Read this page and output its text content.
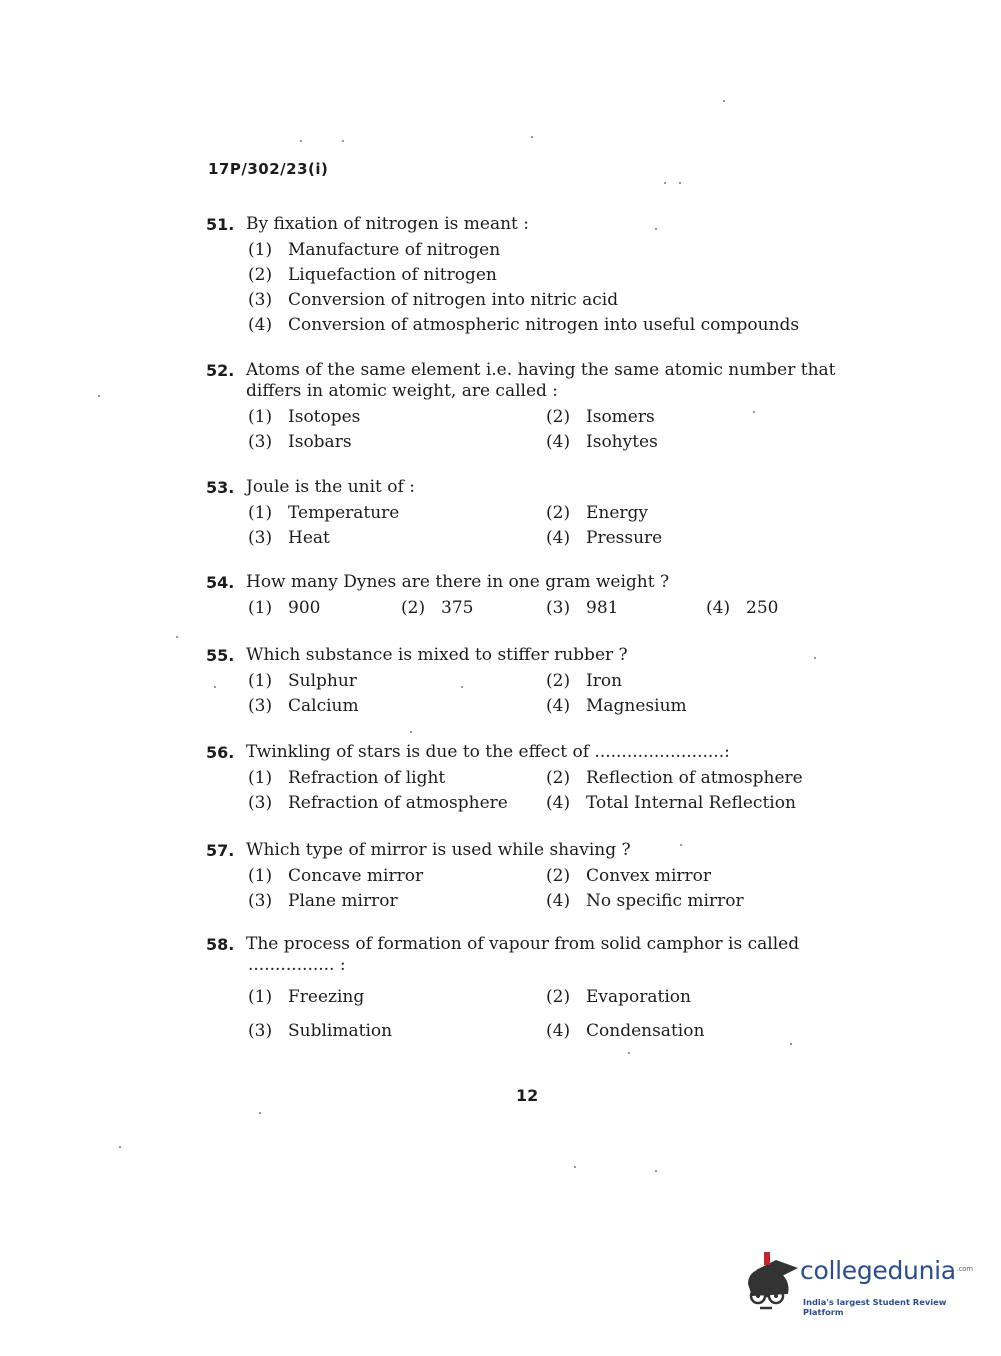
17P/302/23(i)
51. By fixation of nitrogen is meant :
(1) Manufacture of nitrogen
(2) Liquefaction of nitrogen
(3) Conversion of nitrogen into nitric acid
(4) Conversion of atmospheric nitrogen into useful compounds
52. Atoms of the same element i.e. having the same atomic number that differs in atomic weight, are called :
(1) Isotopes	(2) Isomers
(3) Isobars	(4) Isohytes
53. Joule is the unit of :
(1) Temperature	(2) Energy
(3) Heat	(4) Pressure
54. How many Dynes are there in one gram weight ?
(1) 900	(2) 375	(3) 981	(4) 250
55. Which substance is mixed to stiffer rubber ?
(1) Sulphur	(2) Iron
(3) Calcium	(4) Magnesium
56. Twinkling of stars is due to the effect of ........................:
(1) Refraction of light	(2) Reflection of atmosphere
(3) Refraction of atmosphere (4) Total Internal Reflection
57. Which type of mirror is used while shaving ?
(1) Concave mirror	(2) Convex mirror
(3) Plane mirror	(4) No specific mirror
58. The process of formation of vapour from solid camphor is called
................ :
(1) Freezing	(2) Evaporation
(3) Sublimation	(4) Condensation
12
collegedunia$^{.com}$
India's largest Student Review Platform
